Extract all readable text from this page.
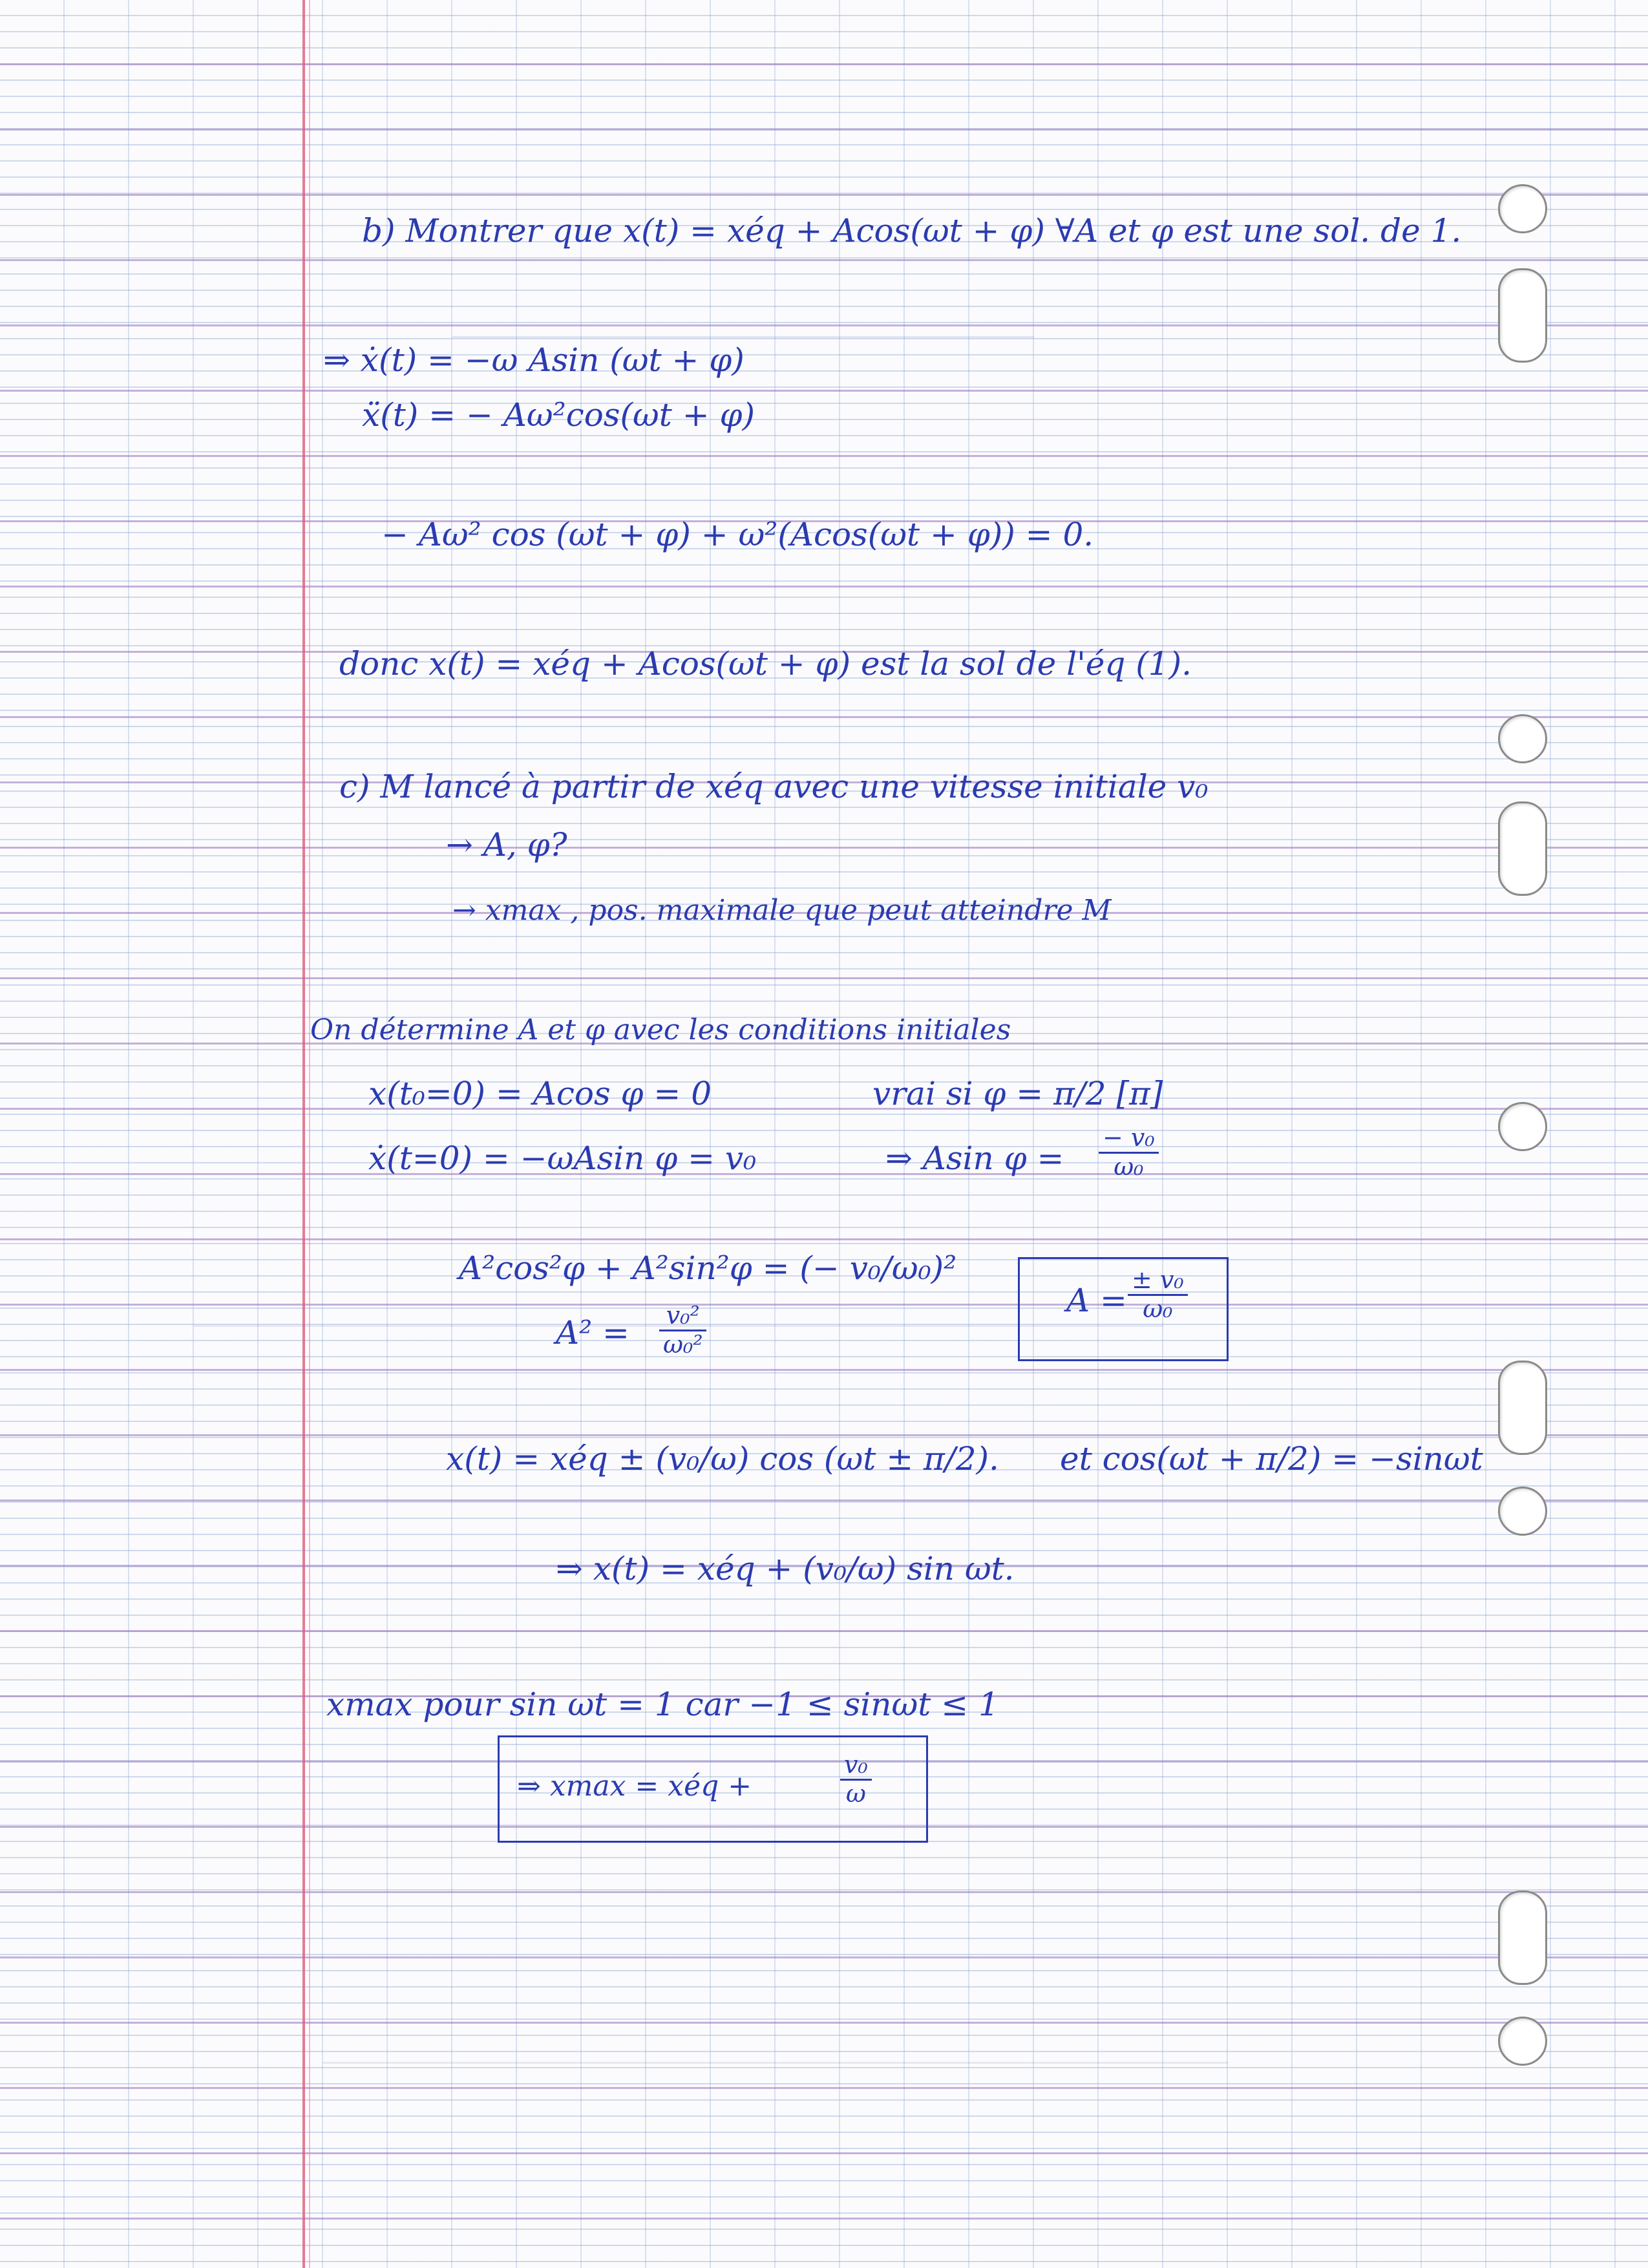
b) Montrer que x(t) = xéq + Acos(ωt + φ) ∀A et φ est une sol. de 1.
⇒ ẋ(t) = −ω Asin (ωt + φ)
ẍ(t) = − Aω²cos(ωt + φ)
− Aω² cos (ωt + φ) + ω²(Acos(ωt + φ)) = 0.
donc x(t) = xéq + Acos(ωt + φ) est la sol de l'éq (1).
c) M lancé à partir de xéq avec une vitesse initiale v₀
→ A, φ?
→ xmax , pos. maximale que peut atteindre M
On détermine A et φ avec les conditions initiales
x(t₀=0) = Acos φ = 0	vrai si φ = π/2 [π]
ẋ(t=0) = −ωAsin φ = v₀	⇒ Asin $\varphi = \frac{\text{− v₀}}{\text{ω₀}}$
A²cos²φ + A²sin²φ = (− v₀/ω₀)²
$A^2 = \frac{\text{v₀²}}{\text{ω₀²}}$
$A = \frac{\text{± v₀}}{\text{ω₀}}$
x(t) = xéq ± (v₀/ω) cos (ωt ± π/2). et cos(ωt + π/2) = −sinωt
⇒ x(t) = xéq + (v₀/ω) sin ωt.
xmax pour sin ωt = 1 car −1 ≤ sinωt ≤ 1
⇒ xmax = xéq +	$\frac{\text{v₀}}{\omega}$
